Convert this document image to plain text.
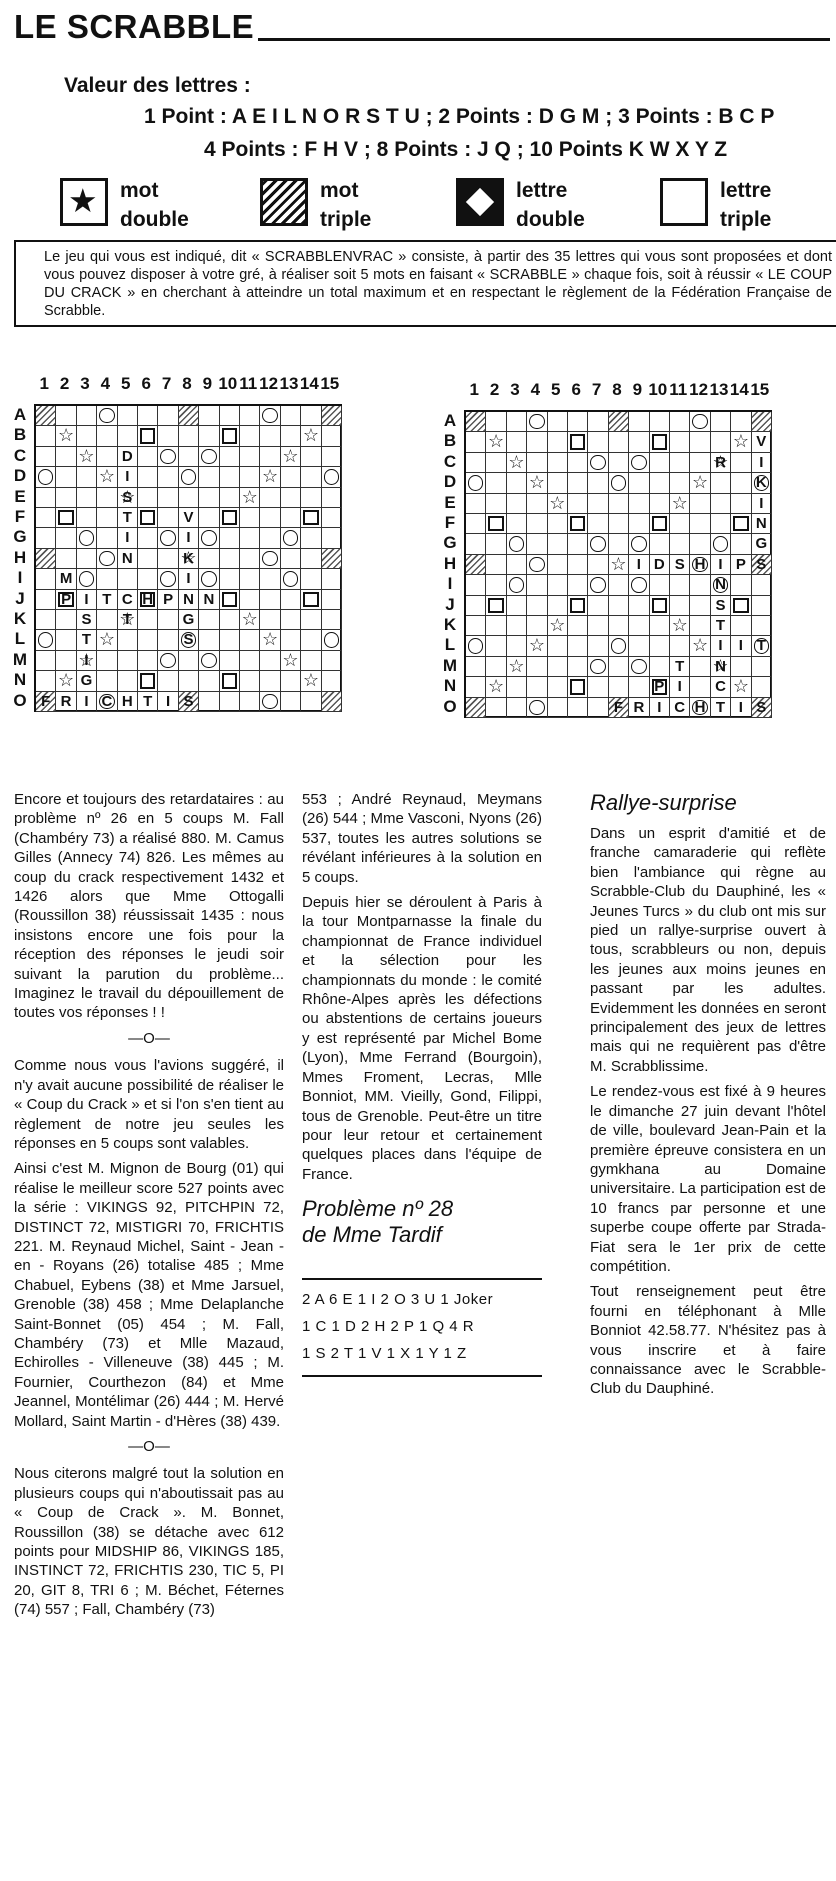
LE SCRABBLE
Valeur des lettres :
1 Point : A E I L N O R S T U ; 2 Points : D G M ; 3 Points : B C P
4 Points : F H V ; 8 Points : J Q ; 10 Points K W X Y Z
★
mot
double
mot
triple
lettre
double
lettre
triple
Le jeu qui vous est indiqué, dit « SCRABBLENVRAC » consiste, à partir des 35 lettres qui vous sont proposées et dont vous pouvez disposer à votre gré, à réaliser soit 5 mots en faisant « SCRABBLE » chaque fois, soit à réussir « LE COUP DU CRACK » en cherchant à atteindre un total maximum et en respectant le règlement de la Fédération Française de Scrabble.
1 2 3 4 5 6 7 8 9 10 11 12 13 14 15
A
B
C
D
E
F
G
H
I
J
K
L
M
N
O
☆
☆
☆
D
☆
☆
I
☆
S
☆
☆
T	V
I	I
N	K
☆
M	I
P I T C H P N N
S	T
☆	G
☆
T
☆	S
☆
I
☆
☆
☆
G
☆
F R I C H T I S
1 2 3 4 5 6 7 8 9 10 11 12 13 14 15
A
B
C
D
E
F
G
H
I
J
K
L
M
N
O
☆
☆
V
☆
R
☆	I
☆
☆
K
☆
☆
I
N
G
☆
I D S H I P S
N
S
☆
☆
T
☆
☆
I	I T
☆
T	N
☆
☆
P I	C
☆
F R I C H T I S

Encore et toujours des retardataires : au problème nº 26 en 5 coups M. Fall (Chambéry 73) a réalisé 880. M. Camus Gilles (Annecy 74) 826. Les mêmes au coup du crack respectivement 1432 et 1426 alors que Mme Ottogalli (Roussillon 38) réussissait 1435 : nous insistons encore une fois pour la réception des réponses le jeudi soir suivant la parution du problème... Imaginez le travail du dépouillement de toutes vos réponses ! !

—O—

Comme nous vous l'avions suggéré, il n'y avait aucune possibilité de réaliser le « Coup du Crack » et si l'on s'en tient au règlement de notre jeu seules les réponses en 5 coups sont valables.

Ainsi c'est M. Mignon de Bourg (01) qui réalise le meilleur score 527 points avec la série : VIKINGS 92, PITCHPIN 72, DISTINCT 72, MISTIGRI 70, FRICHTIS 221. M. Reynaud Michel, Saint - Jean - en - Royans (26) totalise 485 ; Mme Chabuel, Eybens (38) et Mme Jarsuel, Grenoble (38) 458 ; Mme Delaplanche Saint-Bonnet (05) 454 ; M. Fall, Chambéry (73) et Mlle Mazaud, Echirolles - Villeneuve (38) 445 ; M. Fournier, Courthezon (84) et Mme Jeannel, Montélimar (26) 444 ; M. Hervé Mollard, Saint Martin - d'Hères (38) 439.

—O—

Nous citerons malgré tout la solution en plusieurs coups qui n'aboutissait pas au « Coup de Crack ». M. Bonnet, Roussillon (38) se détache avec 612 points pour MIDSHIP 86, VIKINGS 185, INSTINCT 72, FRICHTIS 230, TIC 5, PI 20, GIT 8, TRI 6 ; M. Béchet, Féternes (74) 557 ; Fall, Chambéry (73)

553 ; André Reynaud, Meymans (26) 544 ; Mme Vasconi, Nyons (26) 537, toutes les autres solutions se révélant inférieures à la solution en 5 coups.

Depuis hier se déroulent à Paris à la tour Montparnasse la finale du championnat de France individuel et la sélection pour les championnats du monde : le comité Rhône-Alpes après les défections ou abstentions de certains joueurs y est représenté par Michel Bome (Lyon), Mme Ferrand (Bourgoin), Mmes Froment, Lecras, Mlle Bonniot, MM. Vieilly, Gond, Filippi, tous de Grenoble. Peut-être un titre pour leur retour et certainement quelques places dans l'équipe de France.

Problème nº 28
de Mme Tardif
2 A 6 E 1 I 2 O 3 U 1 Joker
1 C 1 D 2 H 2 P 1 Q 4 R
1 S 2 T 1 V 1 X 1 Y 1 Z
Rallye-surprise

Dans un esprit d'amitié et de franche camaraderie qui reflète bien l'ambiance qui règne au Scrabble-Club du Dauphiné, les « Jeunes Turcs » du club ont mis sur pied un rallye-surprise ouvert à tous, scrabbleurs ou non, depuis les jeunes aux moins jeunes en passant par les adultes. Evidemment les données en seront principalement des jeux de lettres mais qui ne requièrent pas d'être M. Scrabblissime.

Le rendez-vous est fixé à 9 heures le dimanche 27 juin devant l'hôtel de ville, boulevard Jean-Pain et la première épreuve consistera en un gymkhana au Domaine universitaire. La participation est de 10 francs par personne et une superbe coupe offerte par Strada-Fiat sera le 1er prix de cette compétition.

Tout renseignement peut être fourni en téléphonant à Mlle Bonniot 42.58.77. N'hésitez pas à vous inscrire et à faire connaissance avec le Scrabble-Club du Dauphiné.
